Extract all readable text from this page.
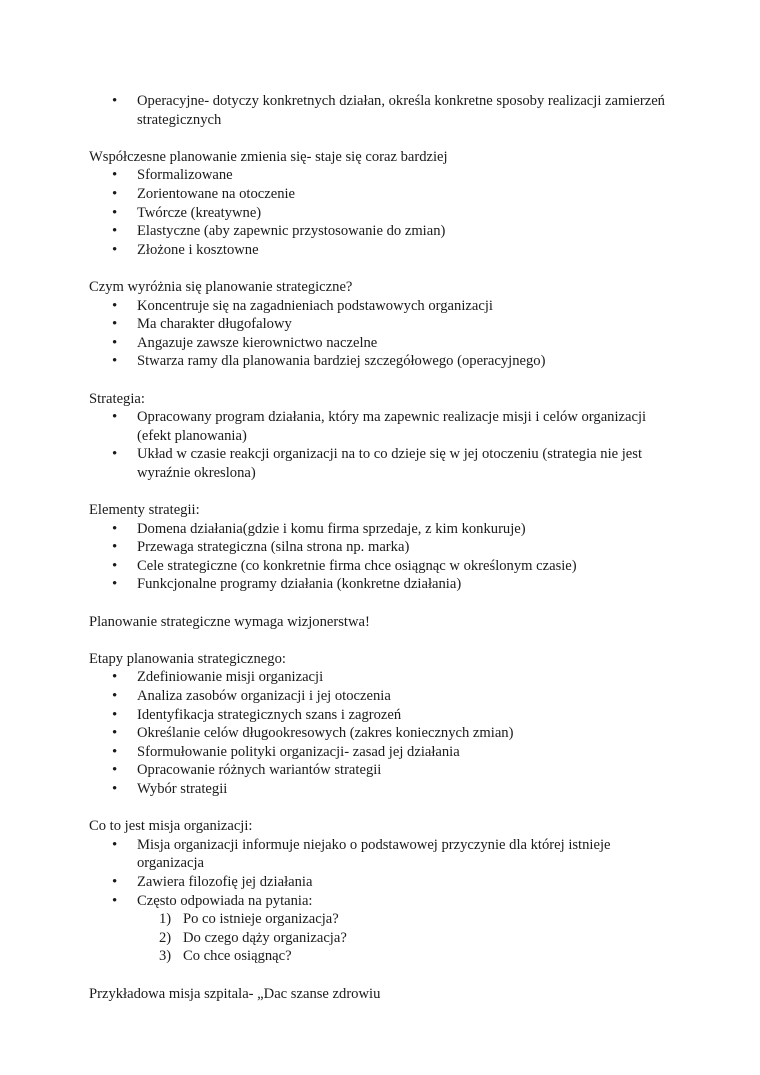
• Operacyjne- dotyczy konkretnych działan, określa konkretne sposoby realizacji zamierzeń strategicznych

Współczesne planowanie zmienia się- staje się coraz bardziej

• Sformalizowane
• Zorientowane na otoczenie
• Twórcze (kreatywne)
• Elastyczne (aby zapewnic przystosowanie do zmian)
• Złożone i kosztowne

Czym wyróżnia się planowanie strategiczne?

• Koncentruje się na zagadnieniach podstawowych organizacji
• Ma charakter długofalowy
• Angazuje zawsze kierownictwo naczelne
• Stwarza ramy dla planowania bardziej szczegółowego (operacyjnego)

Strategia:

• Opracowany program działania, który ma zapewnic realizacje misji i celów organizacji (efekt planowania)
• Układ w czasie reakcji organizacji na to co dzieje się w jej otoczeniu (strategia nie jest wyraźnie okreslona)

Elementy strategii:

• Domena działania(gdzie i komu firma sprzedaje, z kim konkuruje)
• Przewaga strategiczna (silna strona np. marka)
• Cele strategiczne (co konkretnie firma chce osiągnąc w określonym czasie)
• Funkcjonalne programy działania (konkretne działania)

Planowanie strategiczne wymaga wizjonerstwa!

Etapy planowania strategicznego:

• Zdefiniowanie misji organizacji
• Analiza zasobów organizacji i jej otoczenia
• Identyfikacja strategicznych szans i zagrozeń
• Określanie celów długookresowych (zakres koniecznych zmian)
• Sformułowanie polityki organizacji- zasad jej działania
• Opracowanie różnych wariantów strategii
• Wybór strategii

Co to jest misja organizacji:

• Misja organizacji informuje niejako o podstawowej przyczynie dla której istnieje organizacja
• Zawiera filozofię jej działania
• Często odpowiada na pytania:
1) Po co istnieje organizacja?
2) Do czego dąży organizacja?
3) Co chce osiągnąc?

Przykładowa misja szpitala- „Dac szanse zdrowiu
